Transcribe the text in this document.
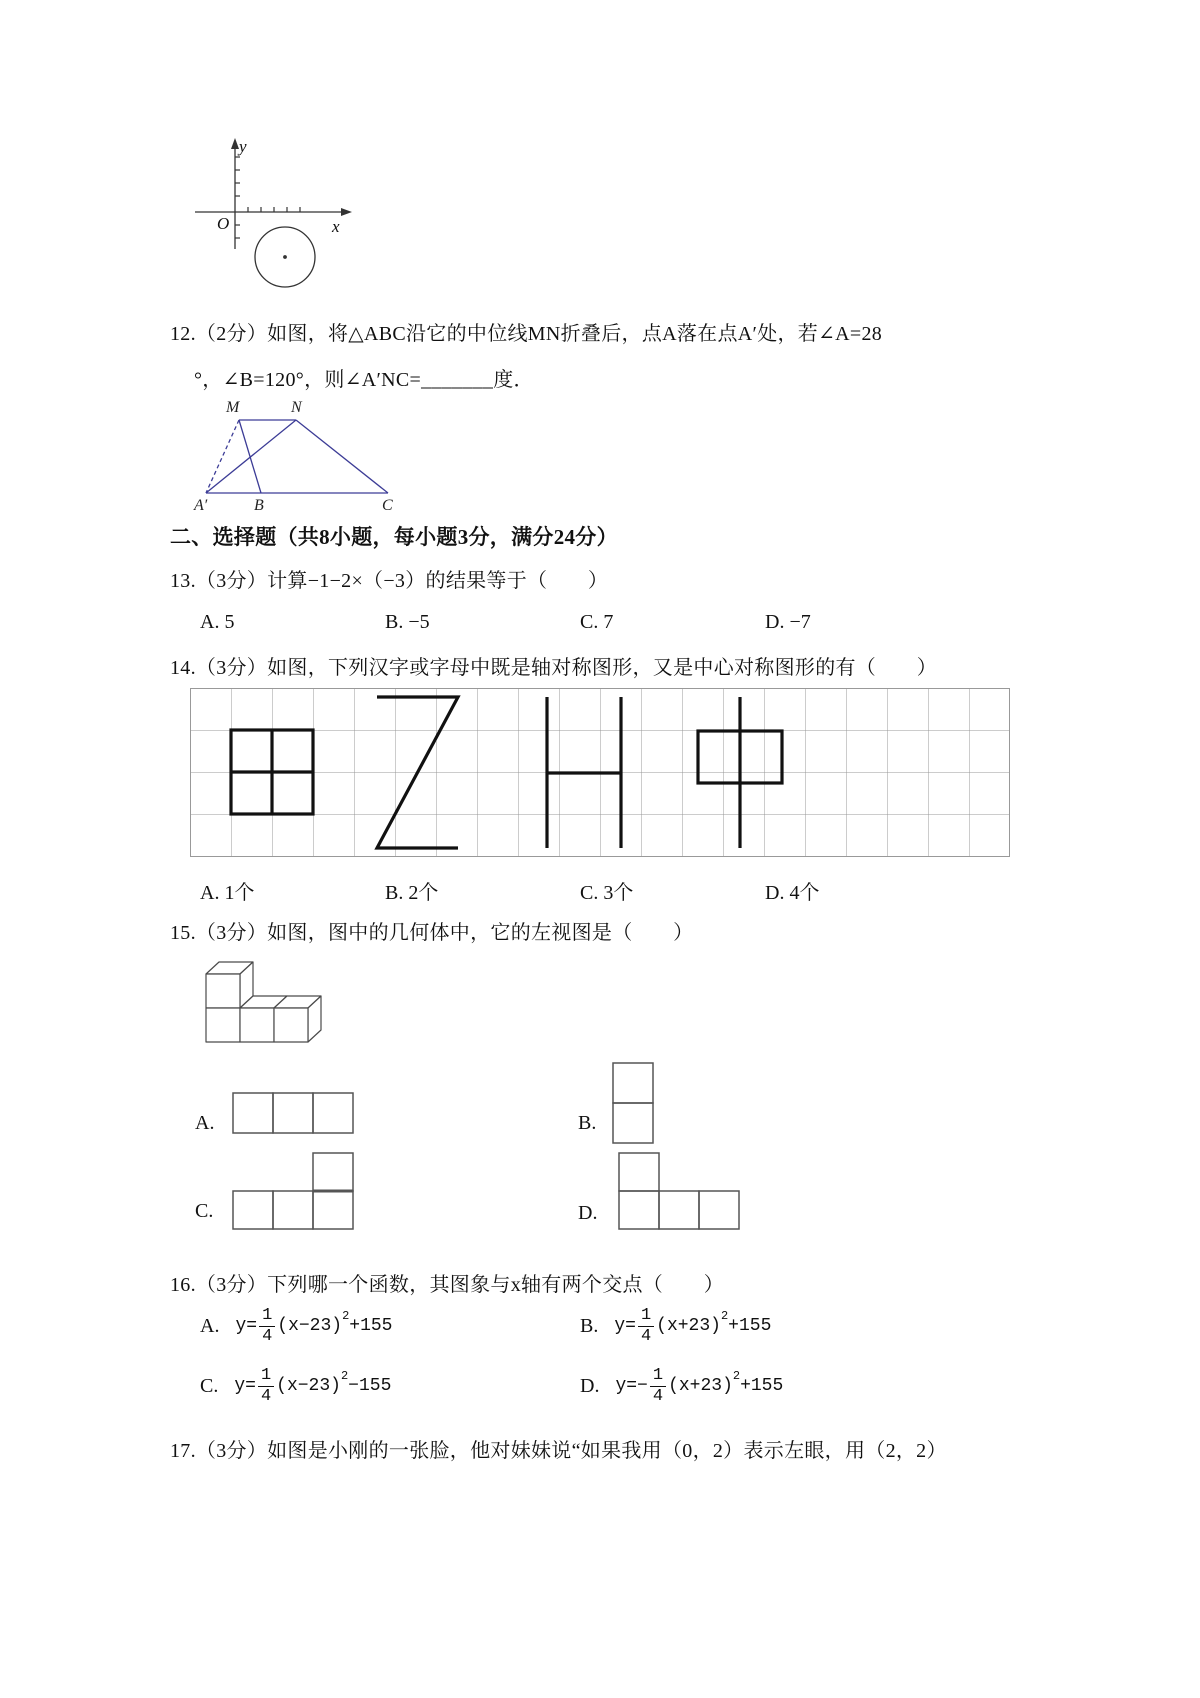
y
x
O
12.（2分）如图，将△ABC沿它的中位线MN折叠后，点A落在点A′处，若∠A=28
°，∠B=120°，则∠A′NC=_______度．
M	N
A′	B	C
二、选择题（共8小题，每小题3分，满分24分）
13.（3分）计算−1−2×（−3）的结果等于（　　）
A. 5	B. −5	C. 7	D. −7
14.（3分）如图，下列汉字或字母中既是轴对称图形，又是中心对称图形的有（　　）
A. 1个	B. 2个	C. 3个	D. 4个
15.（3分）如图，图中的几何体中，它的左视图是（　　）
A.	B.
C.	D.
16.（3分）下列哪一个函数，其图象与x轴有两个交点（　　）
A. $y= \frac{1}{4} (x-23)$
2
+155	B. $y= \frac{1}{4} (x+23)$
2
+155
C. $y= \frac{1}{4} (x-23)$
2
−155	D. $y=- \frac{1}{4} (x+23)$
2
+155
17.（3分）如图是小刚的一张脸，他对妹妹说“如果我用（0，2）表示左眼，用（2，2）
